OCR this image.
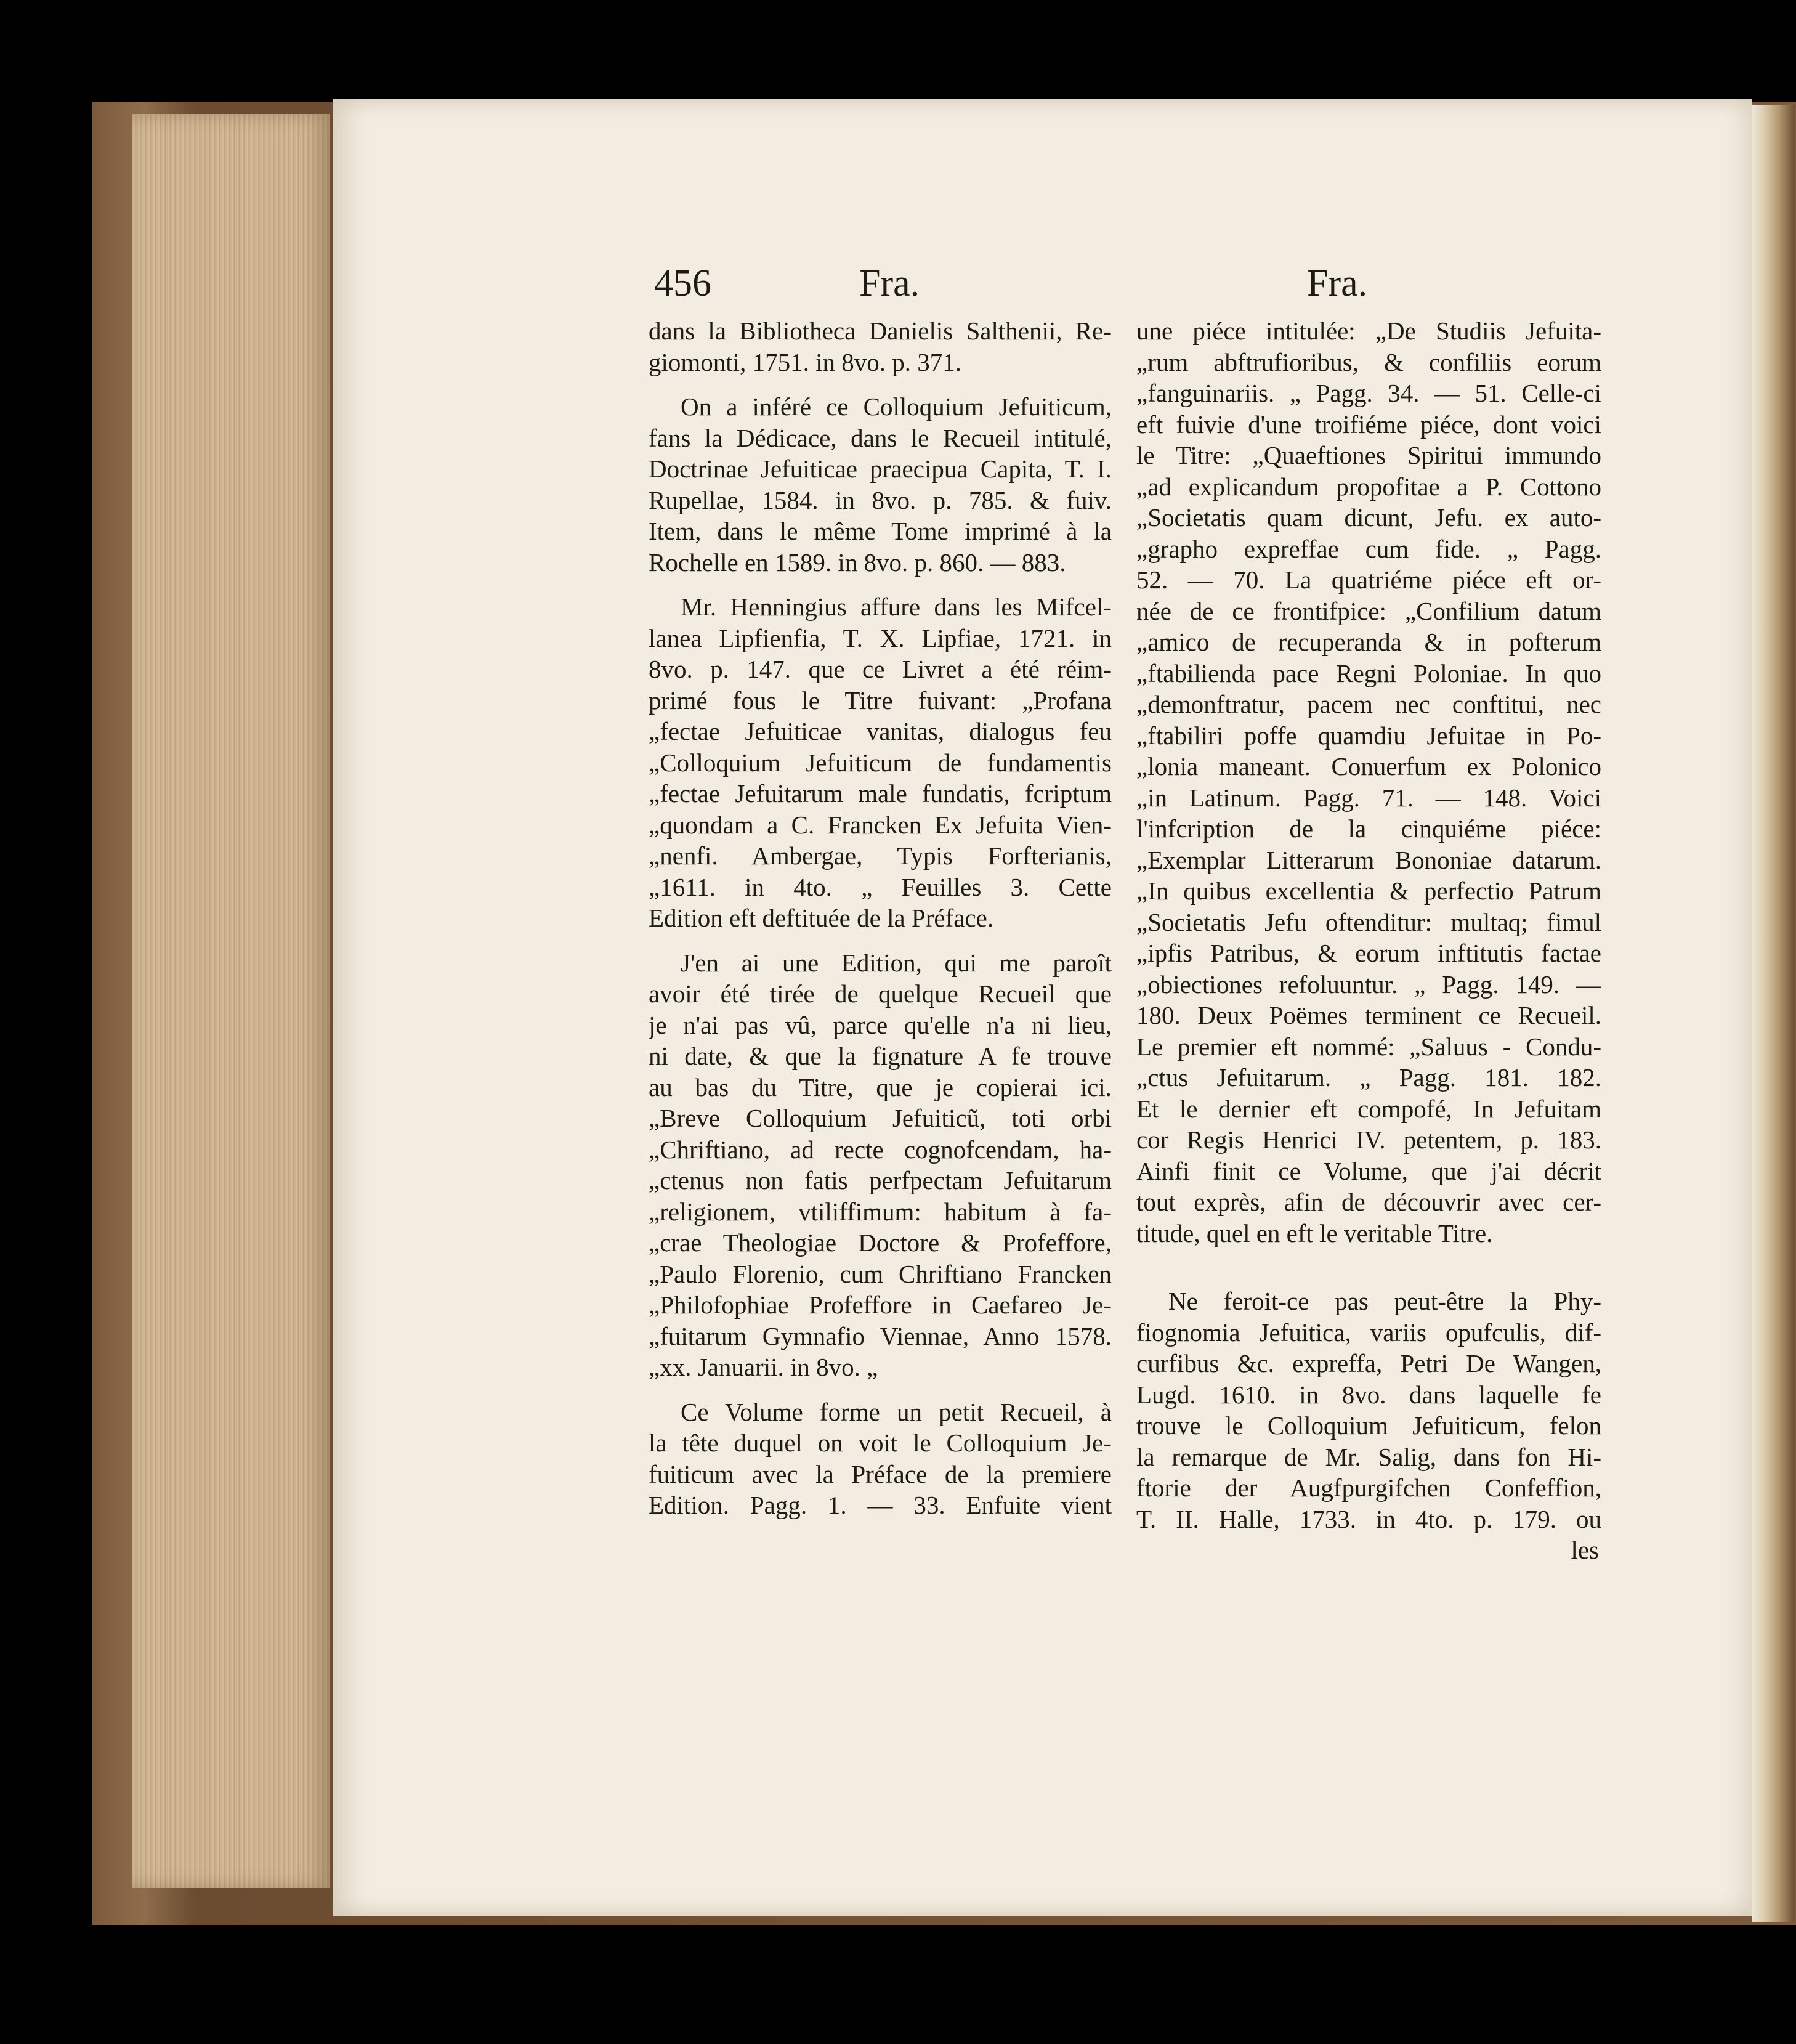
456	Fra.	Fra.
dans la Bibliotheca Danielis Salthenii, Re-
giomonti, 1751. in 8vo. p. 371.
On a inféré ce Colloquium Jefuiticum,
fans la Dédicace, dans le Recueil intitulé,
Doctrinae Jefuiticae praecipua Capita, T. I.
Rupellae, 1584. in 8vo. p. 785. & fuiv.
Item, dans le même Tome imprimé à la
Rochelle en 1589. in 8vo. p. 860. — 883.
Mr. Henningius affure dans les Mifcel-
lanea Lipfienfia, T. X. Lipfiae, 1721. in
8vo. p. 147. que ce Livret a été réim-
primé fous le Titre fuivant: „Profana
„fectae Jefuiticae vanitas, dialogus feu
„Colloquium Jefuiticum de fundamentis
„fectae Jefuitarum male fundatis, fcriptum
„quondam a C. Francken Ex Jefuita Vien-
„nenfi. Ambergae, Typis Forfterianis,
„1611. in 4to. „ Feuilles 3. Cette
Edition eft deftituée de la Préface.
J'en ai une Edition, qui me paroît
avoir été tirée de quelque Recueil que
je n'ai pas vû, parce qu'elle n'a ni lieu,
ni date, & que la fignature A fe trouve
au bas du Titre, que je copierai ici.
„Breve Colloquium Jefuiticũ, toti orbi
„Chriftiano, ad recte cognofcendam, ha-
„ctenus non fatis perfpectam Jefuitarum
„religionem, vtiliffimum: habitum à fa-
„crae Theologiae Doctore & Profeffore,
„Paulo Florenio, cum Chriftiano Francken
„Philofophiae Profeffore in Caefareo Je-
„fuitarum Gymnafio Viennae, Anno 1578.
„xx. Januarii. in 8vo. „
Ce Volume forme un petit Recueil, à
la tête duquel on voit le Colloquium Je-
fuiticum avec la Préface de la premiere
Edition. Pagg. 1. — 33. Enfuite vient
une piéce intitulée: „De Studiis Jefuita-
„rum abftrufioribus, & confiliis eorum
„fanguinariis. „ Pagg. 34. — 51. Celle-ci
eft fuivie d'une troifiéme piéce, dont voici
le Titre: „Quaeftiones Spiritui immundo
„ad explicandum propofitae a P. Cottono
„Societatis quam dicunt, Jefu. ex auto-
„grapho expreffae cum fide. „ Pagg.
52. — 70. La quatriéme piéce eft or-
née de ce frontifpice: „Confilium datum
„amico de recuperanda & in pofterum
„ftabilienda pace Regni Poloniae. In quo
„demonftratur, pacem nec conftitui, nec
„ftabiliri poffe quamdiu Jefuitae in Po-
„lonia maneant. Conuerfum ex Polonico
„in Latinum. Pagg. 71. — 148. Voici
l'infcription de la cinquiéme piéce:
„Exemplar Litterarum Bononiae datarum.
„In quibus excellentia & perfectio Patrum
„Societatis Jefu oftenditur: multaq; fimul
„ipfis Patribus, & eorum inftitutis factae
„obiectiones refoluuntur. „ Pagg. 149. —
180. Deux Poëmes terminent ce Recueil.
Le premier eft nommé: „Saluus - Condu-
„ctus Jefuitarum. „ Pagg. 181. 182.
Et le dernier eft compofé, In Jefuitam
cor Regis Henrici IV. petentem, p. 183.
Ainfi finit ce Volume, que j'ai décrit
tout exprès, afin de découvrir avec cer-
titude, quel en eft le veritable Titre.
Ne feroit-ce pas peut-être la Phy-
fiognomia Jefuitica, variis opufculis, dif-
curfibus &c. expreffa, Petri De Wangen,
Lugd. 1610. in 8vo. dans laquelle fe
trouve le Colloquium Jefuiticum, felon
la remarque de Mr. Salig, dans fon Hi-
ftorie der Augfpurgifchen Confeffion,
T. II. Halle, 1733. in 4to. p. 179. ou
les
